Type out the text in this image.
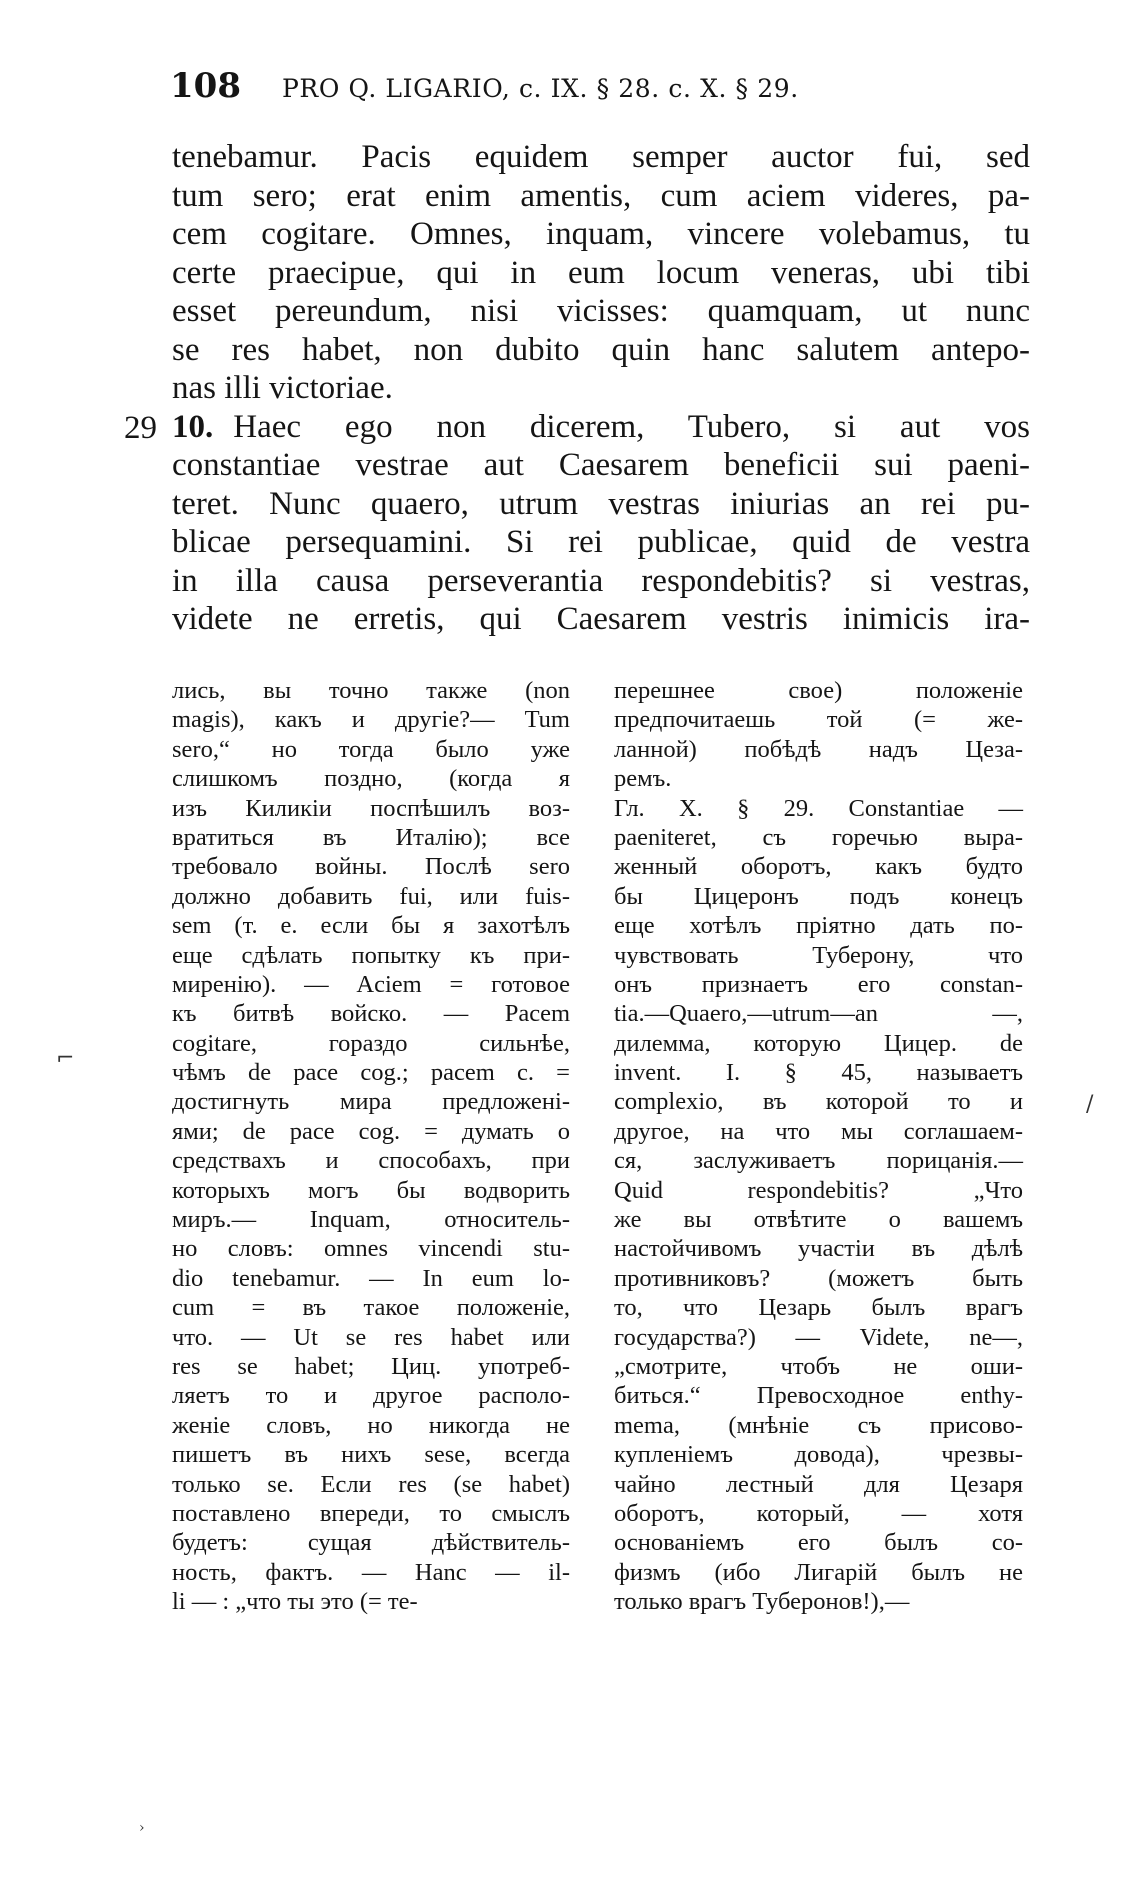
108	PRO Q. LIGARIO, c. IX. § 28. c. X. § 29.
tenebamur. Pacis equidem semper auctor fui, sed
tum sero; erat enim amentis, cum aciem videres, pa-
cem cogitare. Omnes, inquam, vincere volebamus, tu
certe praecipue, qui in eum locum veneras, ubi tibi
esset pereundum, nisi vicisses: quamquam, ut nunc
se res habet, non dubito quin hanc salutem antepo-
nas illi victoriae.
10. Haec ego non dicerem, Tubero, si aut vos
constantiae vestrae aut Caesarem beneficii sui paeni-
teret. Nunc quaero, utrum vestras iniurias an rei pu-
blicae persequamini. Si rei publicae, quid de vestra
in illa causa perseverantia respondebitis? si vestras,
videte ne erretis, qui Caesarem vestris inimicis ira-
29
лись, вы точно также (non
magis), какъ и другіе?— Tum
sero,“ но тогда было уже
слишкомъ поздно, (когда я
изъ Киликіи поспѣшилъ воз-
вратиться въ Италію); все
требовало войны. Послѣ sero
должно добавить fui, или fuis-
sem (т. е. если бы я захотѣлъ
еще сдѣлать попытку къ при-
миренію). — Aciem = готовое
къ битвѣ войско. — Pacem
cogitare, гораздо сильнѣе,
чѣмъ de pace cog.; pacem c. =
достигнуть мира предложені-
ями; de pace cog. = думать о
средствахъ и способахъ, при
которыхъ могъ бы водворить
миръ.— Inquam, относитель-
но словъ: omnes vincendi stu-
dio tenebamur. — In eum lo-
cum = въ такое положеніе,
что. — Ut se res habet или
res se habet; Циц. употреб-
ляетъ то и другое располо-
женіе словъ, но никогда не
пишетъ въ нихъ sese, всегда
только se. Если res (se habet)
поставлено впереди, то смыслъ
будетъ: сущая дѣйствитель-
ность, фактъ. — Hanc — il-
li — : „что ты это (= те-
перешнее свое) положеніе
предпочитаешь той (= же-
ланной) побѣдѣ надъ Цеза-
ремъ.
Гл. X. § 29. Constantiae —
paeniteret, съ горечью выра-
женный оборотъ, какъ будто
бы Цицеронъ подъ конецъ
еще хотѣлъ пріятно дать по-
чувствовать Туберону, что
онъ признаетъ его constan-
tia.—Quaero,—utrum—an —,
дилемма, которую Цицер. de
invent. I. § 45, называетъ
complexio, въ которой то и
другое, на что мы соглашаем-
ся, заслуживаетъ порицанія.—
Quid respondebitis? „Что
же вы отвѣтите о вашемъ
настойчивомъ участіи въ дѣлѣ
противниковъ? (можетъ быть
то, что Цезарь былъ врагъ
государства?) — Videte, ne—,
„смотрите, чтобъ не оши-
биться.“ Превосходное enthy-
mema, (мнѣніе съ присово-
купленіемъ довода), чрезвы-
чайно лестный для Цезаря
оборотъ, который, — хотя
основаніемъ его былъ со-
физмъ (ибо Лигарій былъ не
только врагъ Туберонов!),—
⌐
/
›
